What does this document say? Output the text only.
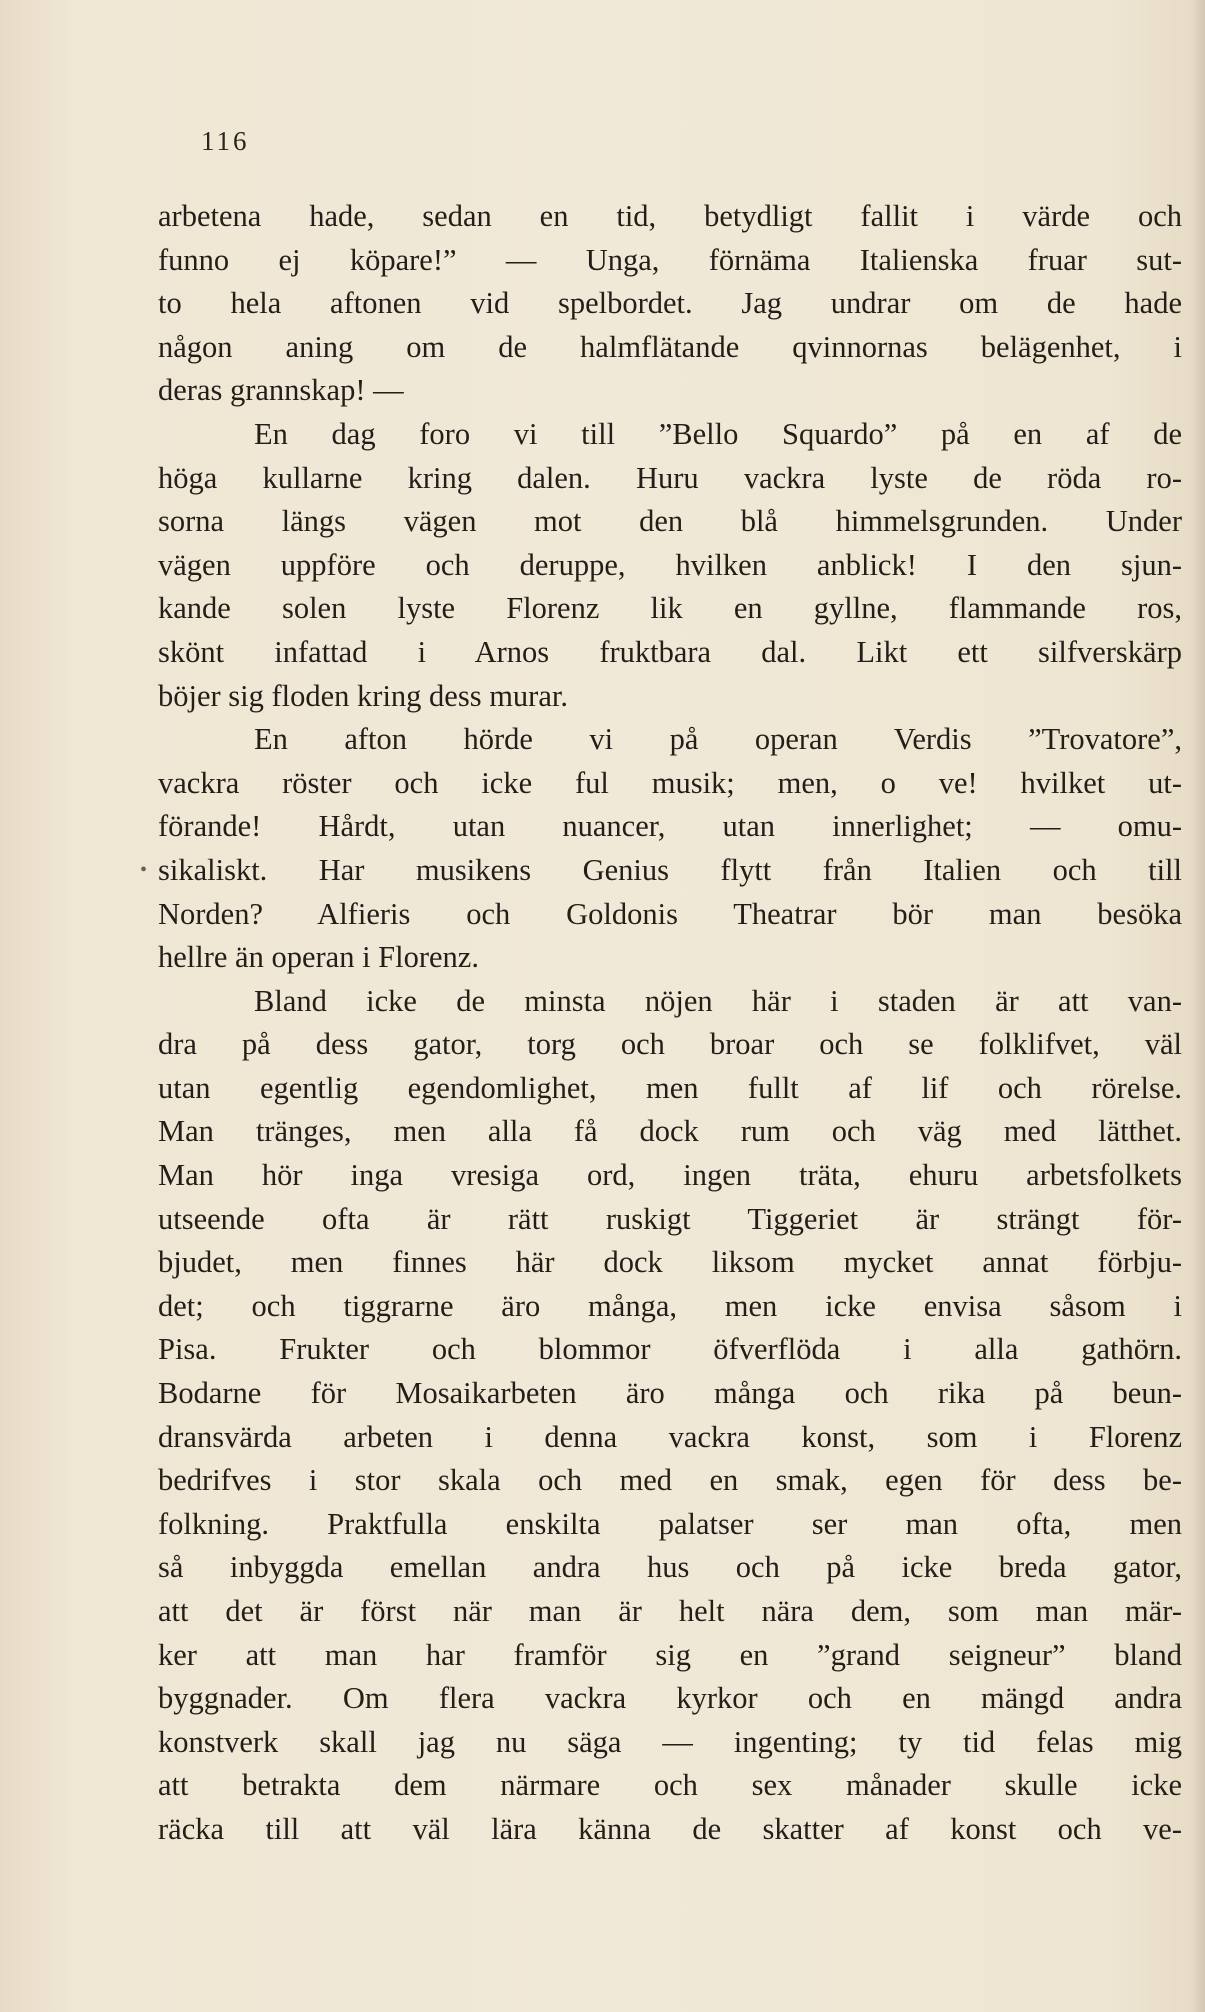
116
arbetena hade, sedan en tid, betydligt fallit i värde och
funno ej köpare!” — Unga, förnäma Italienska fruar sut-
to hela aftonen vid spelbordet. Jag undrar om de hade
någon aning om de halmflätande qvinnornas belägenhet, i
deras grannskap! —
En dag foro vi till ”Bello Squardo” på en af de
höga kullarne kring dalen. Huru vackra lyste de röda ro-
sorna längs vägen mot den blå himmelsgrunden. Under
vägen uppföre och deruppe, hvilken anblick! I den sjun-
kande solen lyste Florenz lik en gyllne, flammande ros,
skönt infattad i Arnos fruktbara dal. Likt ett silfverskärp
böjer sig floden kring dess murar.
En afton hörde vi på operan Verdis ”Trovatore”,
vackra röster och icke ful musik; men, o ve! hvilket ut-
förande! Hårdt, utan nuancer, utan innerlighet; — omu-
sikaliskt. Har musikens Genius flytt från Italien och till
Norden? Alfieris och Goldonis Theatrar bör man besöka
hellre än operan i Florenz.
Bland icke de minsta nöjen här i staden är att van-
dra på dess gator, torg och broar och se folklifvet, väl
utan egentlig egendomlighet, men fullt af lif och rörelse.
Man tränges, men alla få dock rum och väg med lätthet.
Man hör inga vresiga ord, ingen träta, ehuru arbetsfolkets
utseende ofta är rätt ruskigt Tiggeriet är strängt för-
bjudet, men finnes här dock liksom mycket annat förbju-
det; och tiggrarne äro många, men icke envisa såsom i
Pisa. Frukter och blommor öfverflöda i alla gathörn.
Bodarne för Mosaikarbeten äro många och rika på beun-
dransvärda arbeten i denna vackra konst, som i Florenz
bedrifves i stor skala och med en smak, egen för dess be-
folkning. Praktfulla enskilta palatser ser man ofta, men
så inbyggda emellan andra hus och på icke breda gator,
att det är först när man är helt nära dem, som man mär-
ker att man har framför sig en ”grand seigneur” bland
byggnader. Om flera vackra kyrkor och en mängd andra
konstverk skall jag nu säga — ingenting; ty tid felas mig
att betrakta dem närmare och sex månader skulle icke
räcka till att väl lära känna de skatter af konst och ve-
•
